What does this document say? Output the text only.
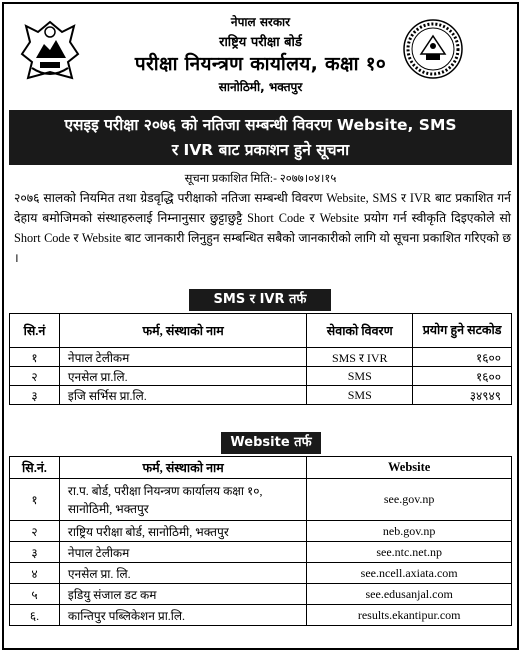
नेपाल सरकार
राष्ट्रिय परीक्षा बोर्ड
परीक्षा नियन्त्रण कार्यालय, कक्षा १०
सानोठिमी, भक्तपुर
एसइइ परीक्षा २०७६ को नतिजा सम्बन्धी विवरण Website, SMS
र IVR बाट प्रकाशन हुने सूचना
सूचना प्रकाशित मिति:- २०७७।०४।१५
२०७६ सालको नियमित तथा ग्रेडवृद्धि परीक्षाको नतिजा सम्बन्धी विवरण Website, SMS र IVR बाट प्रकाशित गर्न देहाय बमोजिमको संस्थाहरुलाई निम्नानुसार छुट्टाछुट्टै Short Code र Website प्रयोग गर्न स्वीकृति दिइएकोले सो Short Code र Website बाट जानकारी लिनुहुन सम्बन्धित सबैको जानकारीको लागि यो सूचना प्रकाशित गरिएको छ ।
SMS र IVR तर्फ
सि.नं	फर्म, संस्थाको नाम	सेवाको विवरण	प्रयोग हुने सटकोड
१	नेपाल टेलीकम	SMS र IVR	१६००
२	एनसेल प्रा.लि.	SMS	१६००
३	इजि सर्भिस प्रा.लि.	SMS	३४९४९
Website तर्फ
सि.नं.	फर्म, संस्थाको नाम	Website
१	रा.प. बोर्ड, परीक्षा नियन्त्रण कार्यालय कक्षा १०, सानोठिमी, भक्तपुर	see.gov.np
२	राष्ट्रिय परीक्षा बोर्ड, सानोठिमी, भक्तपुर	neb.gov.np
३	नेपाल टेलीकम	see.ntc.net.np
४	एनसेल प्रा. लि.	see.ncell.axiata.com
५	इडियु संजाल डट कम	see.edusanjal.com
६.	कान्तिपुर पब्लिकेशन प्रा.लि.	results.ekantipur.com
